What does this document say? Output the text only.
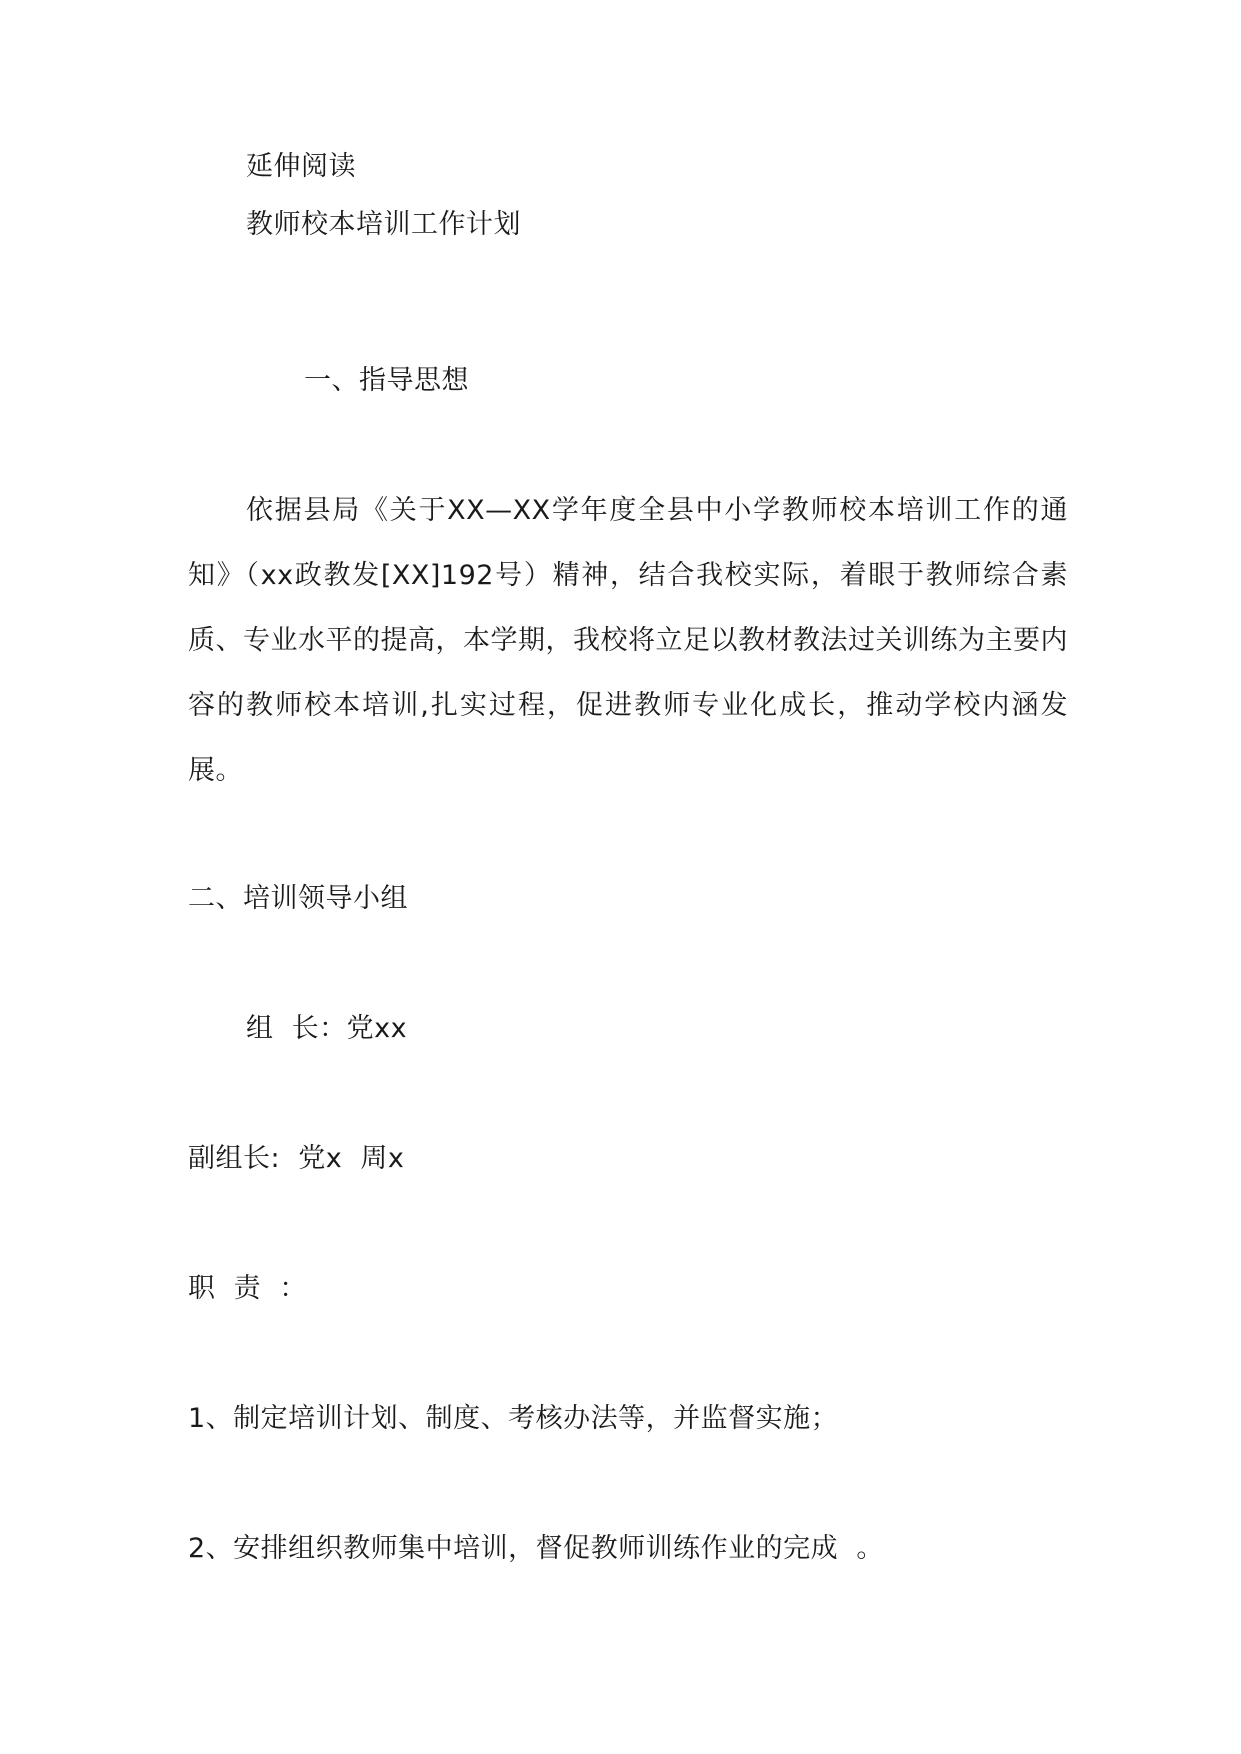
延伸阅读
教师校本培训工作计划
一、指导思想
依据县局《关于XX—XX学年度全县中小学教师校本培训工作的通知》（xx政教发[XX]192号）精神，结合我校实际，着眼于教师综合素质、专业水平的提高，本学期，我校将立足以教材教法过关训练为主要内容的教师校本培训,扎实过程，促进教师专业化成长，推动学校内涵发展。
二、培训领导小组
组  长：党xx
副组长:  党x  周x
职  责  ：
1、制定培训计划、制度、考核办法等，并监督实施；
2、安排组织教师集中培训，督促教师训练作业的完成  。
